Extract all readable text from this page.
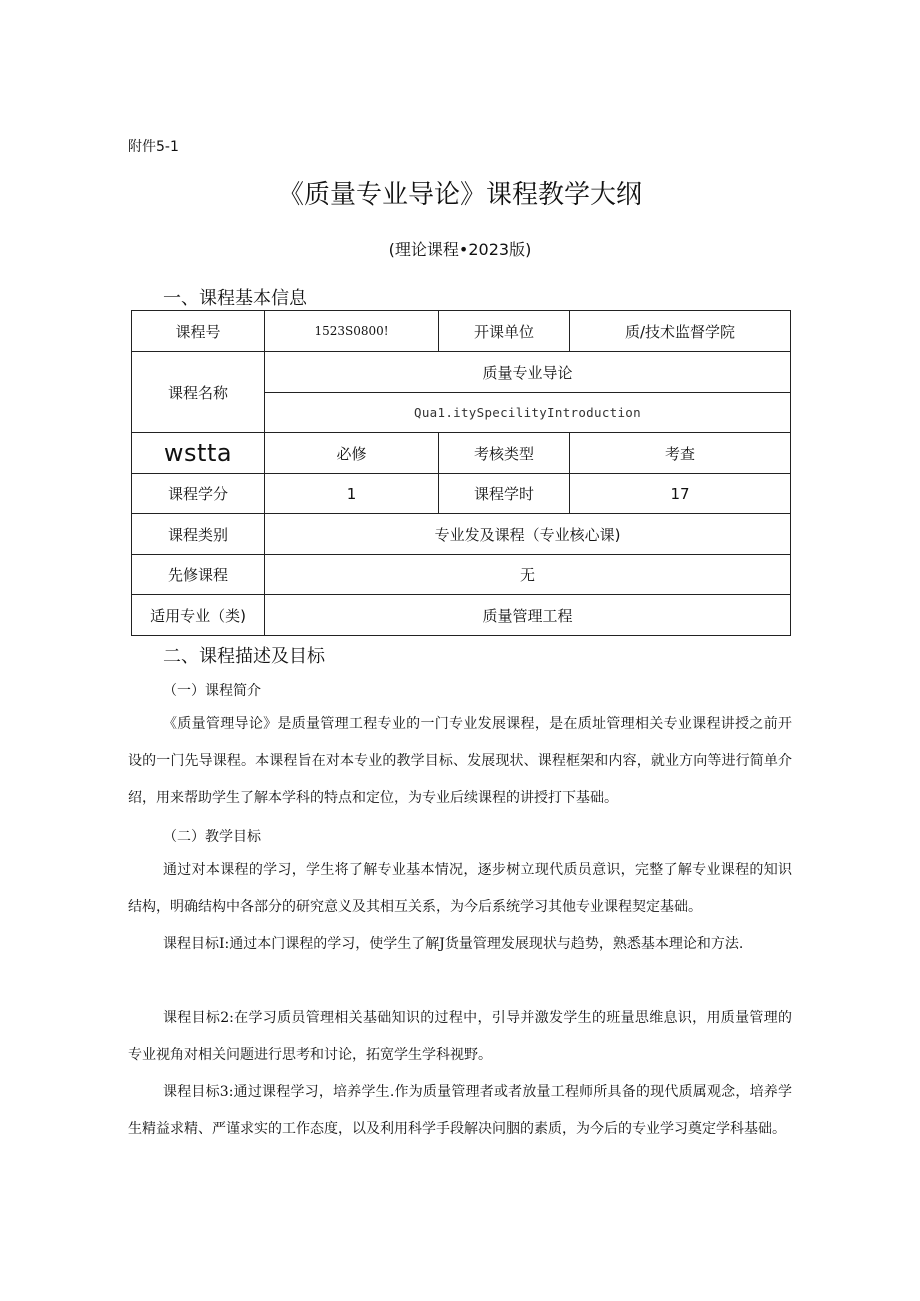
附件5-1
《质量专业导论》课程教学大纲
(理论课程•2023版)
一、课程基本信息
课程号	1523S0800!	开课单位	质/技术监督学院
课程名称	质量专业导论		
	Qua1.itySpecilityIntroduction		
wstta	必修	考核类型	考查
课程学分	1	课程学时	17
课程类别	专业发及课程（专业核心课)		
先修课程	无		
适用专业（类)	质量管理工程		
二、课程描述及目标
（一）课程简介

《质量管理导论》是质量管理工程专业的一门专业发展课程，是在质址管理相关专业课程讲授之前开设的一门先导课程。本课程旨在对本专业的教学目标、发展现状、课程框架和内容，就业方向等进行简单介绍，用来帮助学生了解本学科的特点和定位，为专业后续课程的讲授打下基础。

（二）教学目标

通过对本课程的学习，学生将了解专业基本情况，逐步树立现代质员意识，完整了解专业课程的知识结构，明确结构中各部分的研究意义及其相互关系，为今后系统学习其他专业课程契定基础。

课程目标I:通过本门课程的学习，使学生了解J货量管理发展现状与趋势，熟悉基本理论和方法.

课程目标2:在学习质员管理相关基础知识的过程中，引导并激发学生的班量思维息识，用质量管理的专业视角对相关问题进行思考和讨论，拓宽学生学科视野。

课程目标3:通过课程学习，培养学生.作为质量管理者或者放量工程师所具备的现代质属观念，培养学生精益求精、严谨求实的工作态度，以及利用科学手段解决问胭的素质，为今后的专业学习奠定学科基础。
